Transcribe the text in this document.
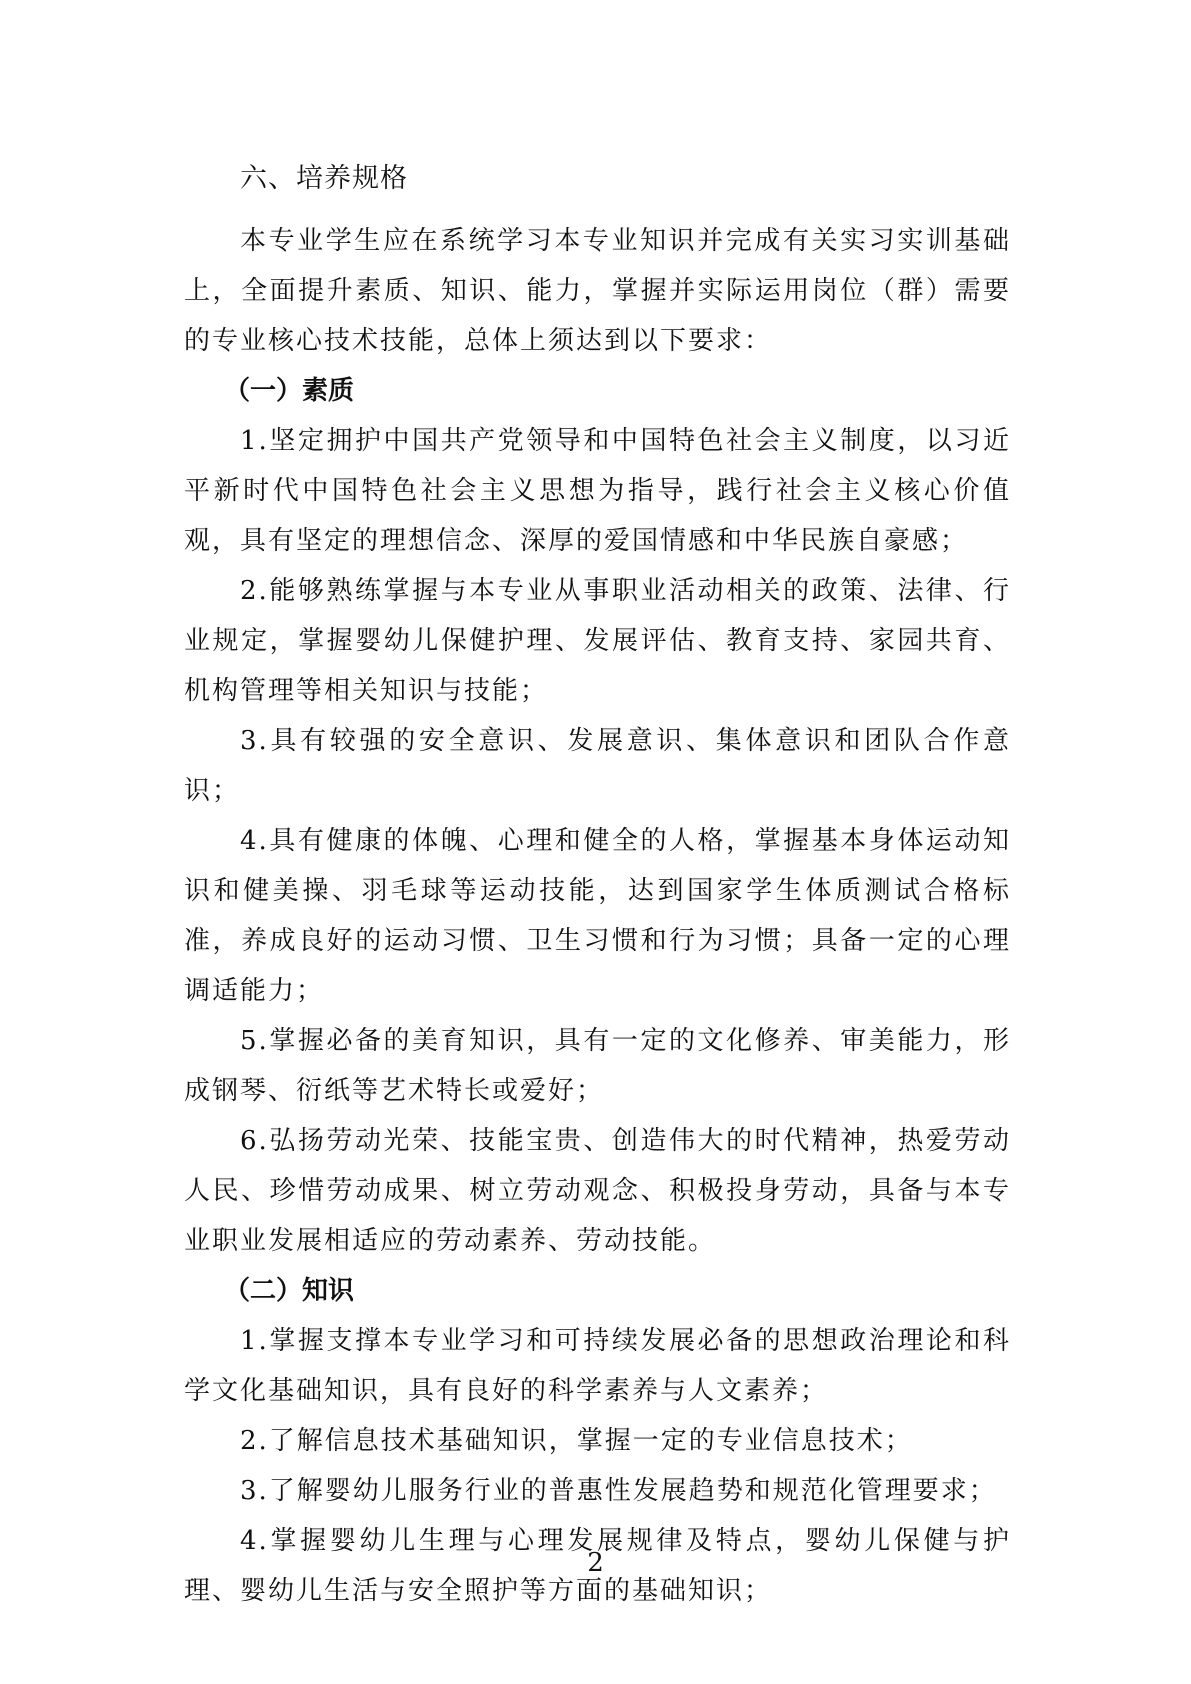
六、培养规格

本专业学生应在系统学习本专业知识并完成有关实习实训基础上，全面提升素质、知识、能力，掌握并实际运用岗位（群）需要的专业核心技术技能，总体上须达到以下要求：

（一）素质

1.坚定拥护中国共产党领导和中国特色社会主义制度，以习近平新时代中国特色社会主义思想为指导，践行社会主义核心价值观，具有坚定的理想信念、深厚的爱国情感和中华民族自豪感；

2.能够熟练掌握与本专业从事职业活动相关的政策、法律、行业规定，掌握婴幼儿保健护理、发展评估、教育支持、家园共育、机构管理等相关知识与技能；

3.具有较强的安全意识、发展意识、集体意识和团队合作意识；

4.具有健康的体魄、心理和健全的人格，掌握基本身体运动知识和健美操、羽毛球等运动技能，达到国家学生体质测试合格标准，养成良好的运动习惯、卫生习惯和行为习惯；具备一定的心理调适能力；

5.掌握必备的美育知识，具有一定的文化修养、审美能力，形成钢琴、衍纸等艺术特长或爱好；

6.弘扬劳动光荣、技能宝贵、创造伟大的时代精神，热爱劳动人民、珍惜劳动成果、树立劳动观念、积极投身劳动，具备与本专业职业发展相适应的劳动素养、劳动技能。

（二）知识

1.掌握支撑本专业学习和可持续发展必备的思想政治理论和科学文化基础知识，具有良好的科学素养与人文素养；

2.了解信息技术基础知识，掌握一定的专业信息技术；

3.了解婴幼儿服务行业的普惠性发展趋势和规范化管理要求；

4.掌握婴幼儿生理与心理发展规律及特点，婴幼儿保健与护理、婴幼儿生活与安全照护等方面的基础知识；

2
